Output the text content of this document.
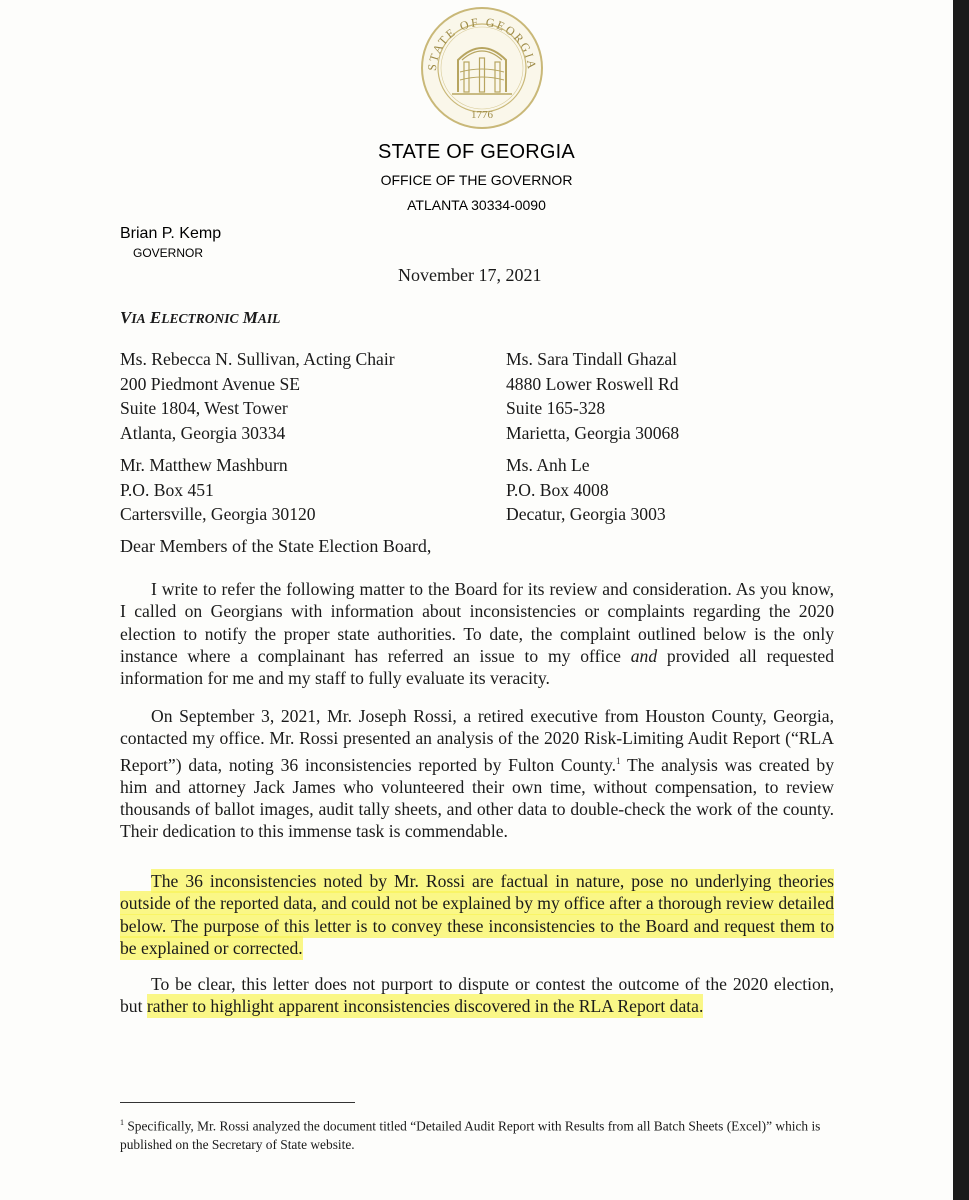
STATE OF GEORGIA
1776
STATE OF GEORGIA
OFFICE OF THE GOVERNOR
ATLANTA 30334-0090
Brian P. Kemp
GOVERNOR
November 17, 2021
VIA ELECTRONIC MAIL
Ms. Rebecca N. Sullivan, Acting Chair
200 Piedmont Avenue SE
Suite 1804, West Tower
Atlanta, Georgia 30334
Ms. Sara Tindall Ghazal
4880 Lower Roswell Rd
Suite 165-328
Marietta, Georgia 30068
Mr. Matthew Mashburn
P.O. Box 451
Cartersville, Georgia 30120
Ms. Anh Le
P.O. Box 4008
Decatur, Georgia 3003
Dear Members of the State Election Board,
I write to refer the following matter to the Board for its review and consideration. As you know, I called on Georgians with information about inconsistencies or complaints regarding the 2020 election to notify the proper state authorities. To date, the complaint outlined below is the only instance where a complainant has referred an issue to my office and provided all requested information for me and my staff to fully evaluate its veracity.
On September 3, 2021, Mr. Joseph Rossi, a retired executive from Houston County, Georgia, contacted my office. Mr. Rossi presented an analysis of the 2020 Risk-Limiting Audit Report (“RLA Report”) data, noting 36 inconsistencies reported by Fulton County.$^1$ The analysis was created by him and attorney Jack James who volunteered their own time, without compensation, to review thousands of ballot images, audit tally sheets, and other data to double-check the work of the county. Their dedication to this immense task is commendable.
The 36 inconsistencies noted by Mr. Rossi are factual in nature, pose no underlying theories outside of the reported data, and could not be explained by my office after a thorough review detailed below. The purpose of this letter is to convey these inconsistencies to the Board and request them to be explained or corrected.
To be clear, this letter does not purport to dispute or contest the outcome of the 2020 election, but rather to highlight apparent inconsistencies discovered in the RLA Report data.
$^1$ Specifically, Mr. Rossi analyzed the document titled “Detailed Audit Report with Results from all Batch Sheets (Excel)” which is published on the Secretary of State website.
